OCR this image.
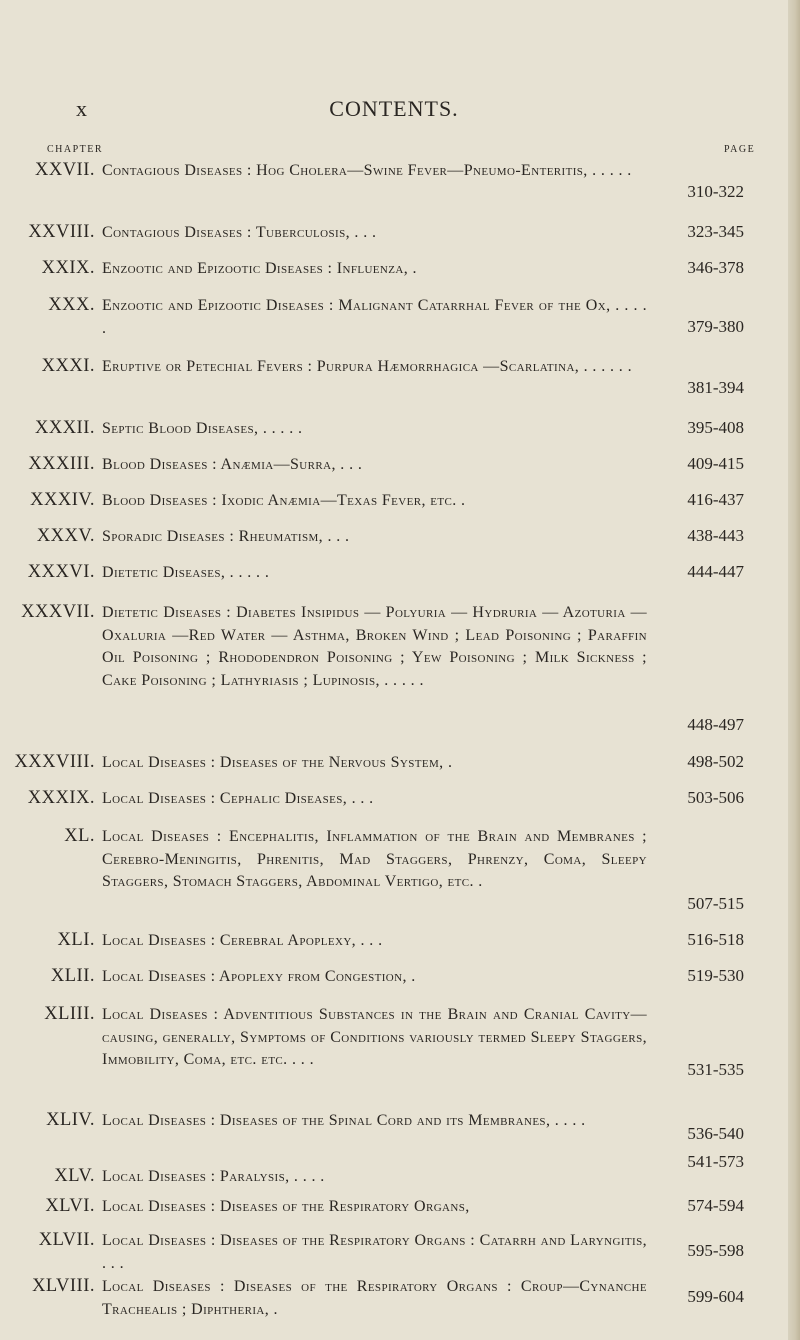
x	CONTENTS.
CHAPTER	PAGE
XXVII. Contagious Diseases : Hog Cholera—Swine Fever—Pneumo-Enteritis, . . . . .
310-322
XXVIII. Contagious Diseases : Tuberculosis, . . .	323-345
XXIX. Enzootic and Epizootic Diseases : Influenza, .	346-378
XXX. Enzootic and Epizootic Diseases : Malignant Catarrhal Fever of the Ox, . . . . .	379-380
XXXI. Eruptive or Petechial Fevers : Purpura Hæmorrhagica —Scarlatina, . . . . . .
381-394
XXXII. Septic Blood Diseases, . . . . .	395-408
XXXIII. Blood Diseases : Anæmia—Surra, . . .	409-415
XXXIV. Blood Diseases : Ixodic Anæmia—Texas Fever, etc. .	416-437
XXXV. Sporadic Diseases : Rheumatism, . . .	438-443
XXXVI. Dietetic Diseases, . . . . .	444-447
XXXVII. Dietetic Diseases : Diabetes Insipidus — Polyuria — Hydruria — Azoturia — Oxaluria —Red Water — Asthma, Broken Wind ; Lead Poisoning ; Paraffin Oil Poisoning ; Rhododendron Poisoning ; Yew Poisoning ; Milk Sickness ; Cake Poisoning ; Lathyriasis ; Lupinosis, . . . . .
448-497
XXXVIII. Local Diseases : Diseases of the Nervous System, .	498-502
XXXIX. Local Diseases : Cephalic Diseases, . . .	503-506
XL. Local Diseases : Encephalitis, Inflammation of the Brain and Membranes ; Cerebro-Meningitis, Phrenitis, Mad Staggers, Phrenzy, Coma, Sleepy Staggers, Stomach Staggers, Abdominal Vertigo, etc. .
507-515
XLI. Local Diseases : Cerebral Apoplexy, . . .	516-518
XLII. Local Diseases : Apoplexy from Congestion, .	519-530
XLIII. Local Diseases : Adventitious Substances in the Brain and Cranial Cavity—causing, generally, Symptoms of Conditions variously termed Sleepy Staggers, Immobility, Coma, etc. etc. . . .
531-535
XLIV. Local Diseases : Diseases of the Spinal Cord and its Membranes, . . . .
536-540
XLV. Local Diseases : Paralysis, . . . .
541-573
XLVI. Local Diseases : Diseases of the Respiratory Organs,	574-594
XLVII. Local Diseases : Diseases of the Respiratory Organs : Catarrh and Laryngitis, . . .
595-598
XLVIII. Local Diseases : Diseases of the Respiratory Organs : Croup—Cynanche Trachealis ; Diphtheria, .
599-604
